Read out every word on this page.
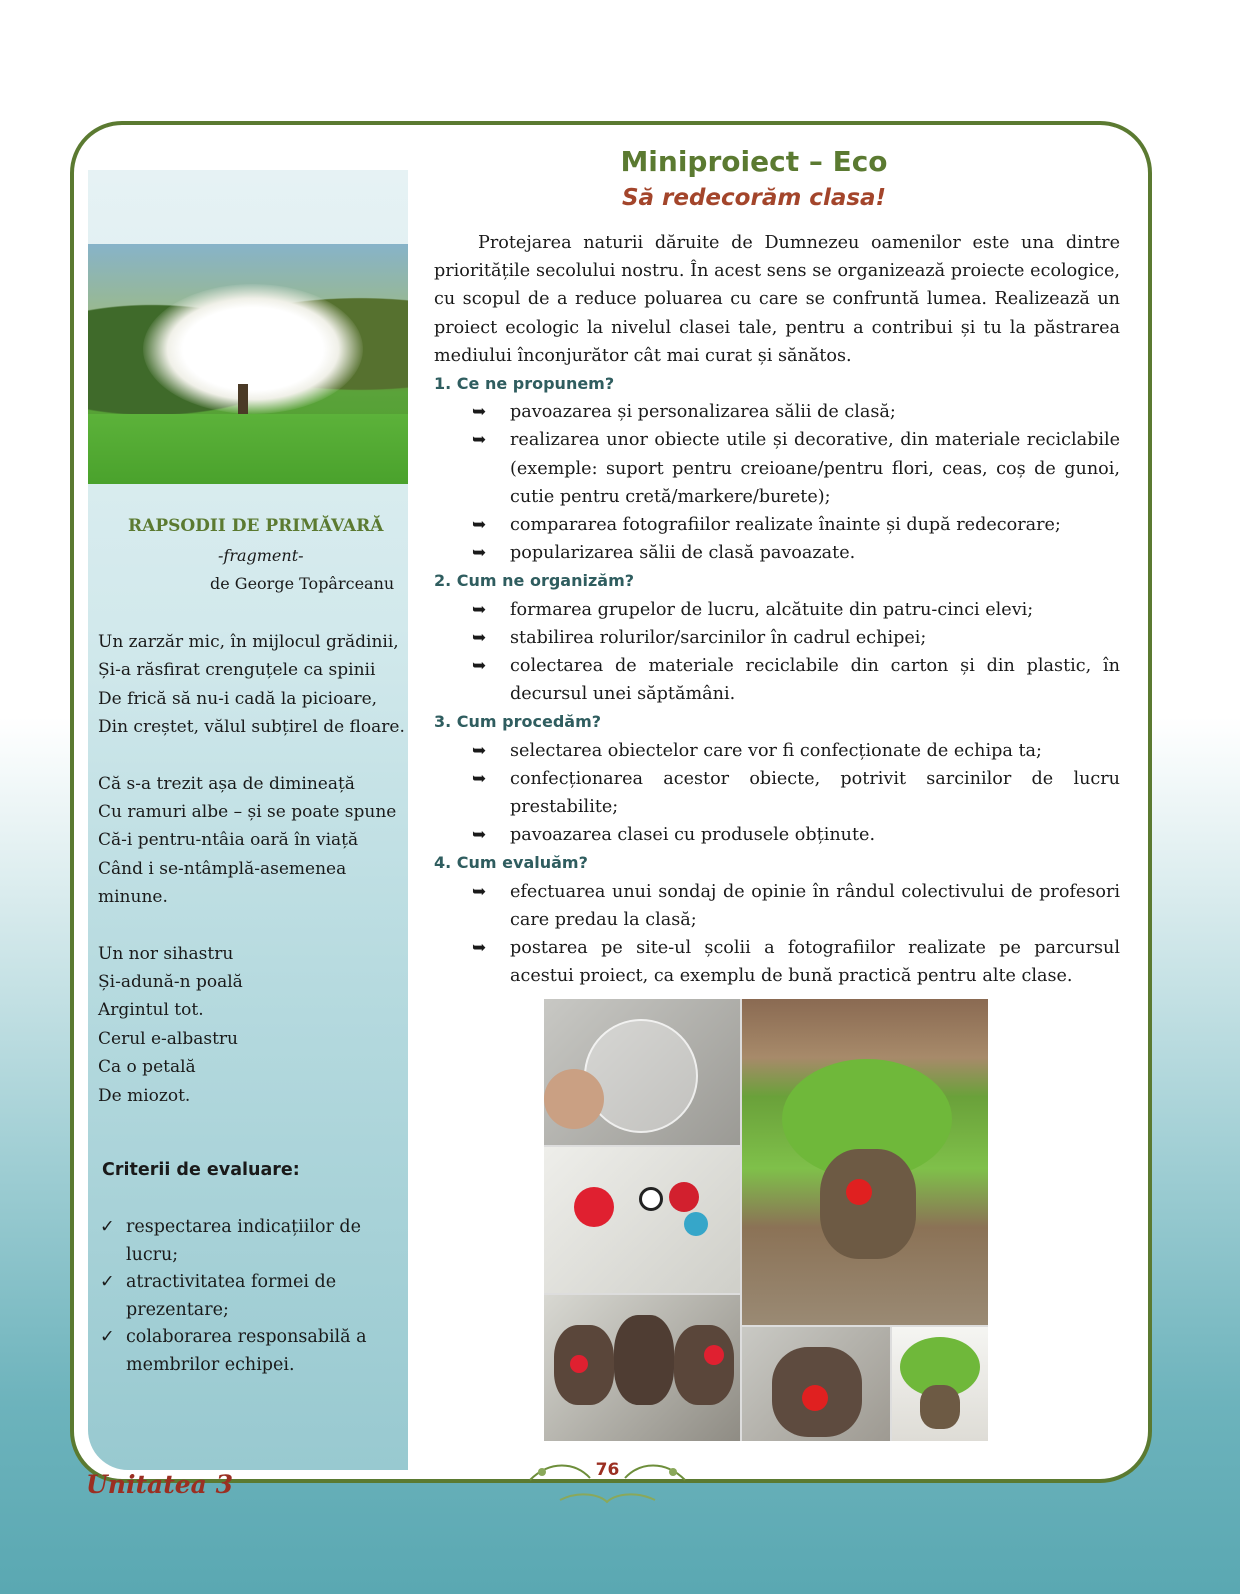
RAPSODII DE PRIMĂVARĂ
-fragment-
de George Topârceanu
Un zarzăr mic, în mijlocul grădinii,
Și-a răsfirat crenguțele ca spinii
De frică să nu-i cadă la picioare,
Din creștet, vălul subțirel de floare.
Că s-a trezit așa de dimineață
Cu ramuri albe – și se poate spune
Că-i pentru-ntâia oară în viață
Când i se-ntâmplă-asemenea
minune.
Un nor sihastru
Și-adună-n poală
Argintul tot.
Cerul e-albastru
Ca o petală
De miozot.
Criterii de evaluare:
✓ respectarea indicațiilor de lucru;
✓ atractivitatea formei de prezentare;
✓ colaborarea responsabilă a membrilor echipei.
Miniproiect – Eco
Să redecorăm clasa!

Protejarea naturii dăruite de Dumnezeu oamenilor este una dintre prioritățile secolului nostru. În acest sens se organizează proiecte ecologice, cu scopul de a reduce poluarea cu care se confruntă lumea. Realizează un proiect ecologic la nivelul clasei tale, pentru a contribui și tu la păstrarea mediului înconjurător cât mai curat și sănătos.

1. Ce ne propunem?

➥ pavoazarea și personalizarea sălii de clasă;
➥ realizarea unor obiecte utile și decorative, din materiale reciclabile (exemple: suport pentru creioane/pentru flori, ceas, coș de gunoi, cutie pentru cretă/markere/burete);
➥ compararea fotografiilor realizate înainte și după redecorare;
➥ popularizarea sălii de clasă pavoazate.

2. Cum ne organizăm?

➥ formarea grupelor de lucru, alcătuite din patru-cinci elevi;
➥ stabilirea rolurilor/sarcinilor în cadrul echipei;
➥ colectarea de materiale reciclabile din carton și din plastic, în decursul unei săptămâni.

3. Cum procedăm?

➥ selectarea obiectelor care vor fi confecționate de echipa ta;
➥ confecționarea acestor obiecte, potrivit sarcinilor de lucru prestabilite;
➥ pavoazarea clasei cu produsele obținute.

4. Cum evaluăm?

➥ efectuarea unui sondaj de opinie în rândul colectivului de profesori care predau la clasă;
➥ postarea pe site-ul școlii a fotografiilor realizate pe parcursul acestui proiect, ca exemplu de bună practică pentru alte clase.
Unitatea 3	76
